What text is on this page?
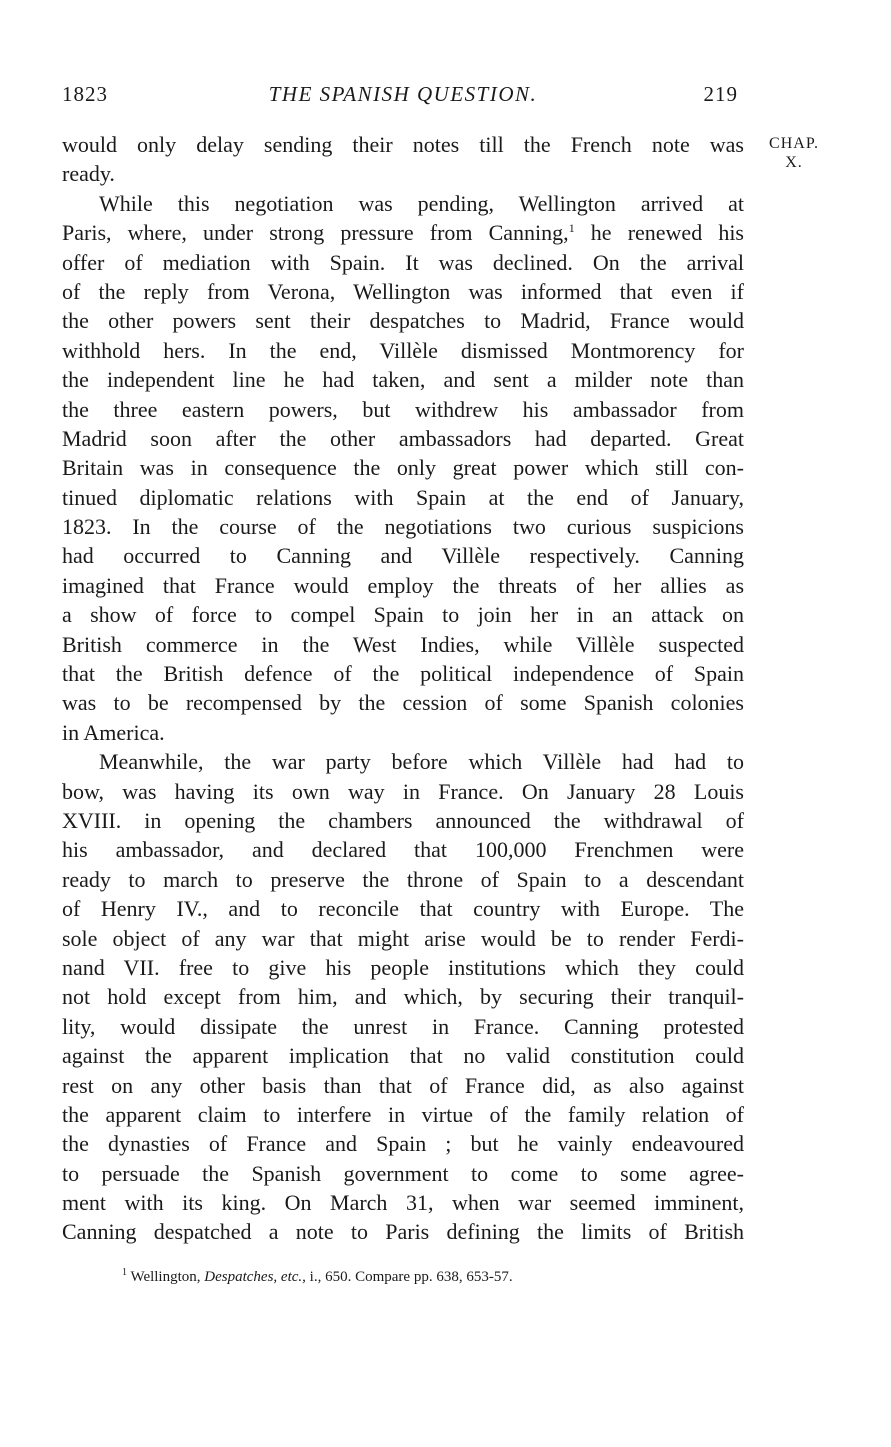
1823	THE SPANISH QUESTION.	219
CHAP.
X.
would only delay sending their notes till the French note was
ready.
While this negotiation was pending, Wellington arrived at
Paris, where, under strong pressure from Canning,$^1$ he renewed his
offer of mediation with Spain. It was declined. On the arrival
of the reply from Verona, Wellington was informed that even if
the other powers sent their despatches to Madrid, France would
withhold hers. In the end, Villèle dismissed Montmorency for
the independent line he had taken, and sent a milder note than
the three eastern powers, but withdrew his ambassador from
Madrid soon after the other ambassadors had departed. Great
Britain was in consequence the only great power which still con-
tinued diplomatic relations with Spain at the end of January,
1823. In the course of the negotiations two curious suspicions
had occurred to Canning and Villèle respectively. Canning
imagined that France would employ the threats of her allies as
a show of force to compel Spain to join her in an attack on
British commerce in the West Indies, while Villèle suspected
that the British defence of the political independence of Spain
was to be recompensed by the cession of some Spanish colonies
in America.
Meanwhile, the war party before which Villèle had had to
bow, was having its own way in France. On January 28 Louis
XVIII. in opening the chambers announced the withdrawal of
his ambassador, and declared that 100,000 Frenchmen were
ready to march to preserve the throne of Spain to a descendant
of Henry IV., and to reconcile that country with Europe. The
sole object of any war that might arise would be to render Ferdi-
nand VII. free to give his people institutions which they could
not hold except from him, and which, by securing their tranquil-
lity, would dissipate the unrest in France. Canning protested
against the apparent implication that no valid constitution could
rest on any other basis than that of France did, as also against
the apparent claim to interfere in virtue of the family relation of
the dynasties of France and Spain ; but he vainly endeavoured
to persuade the Spanish government to come to some agree-
ment with its king. On March 31, when war seemed imminent,
Canning despatched a note to Paris defining the limits of British
$^1$ Wellington, Despatches, etc., i., 650. Compare pp. 638, 653-57.
